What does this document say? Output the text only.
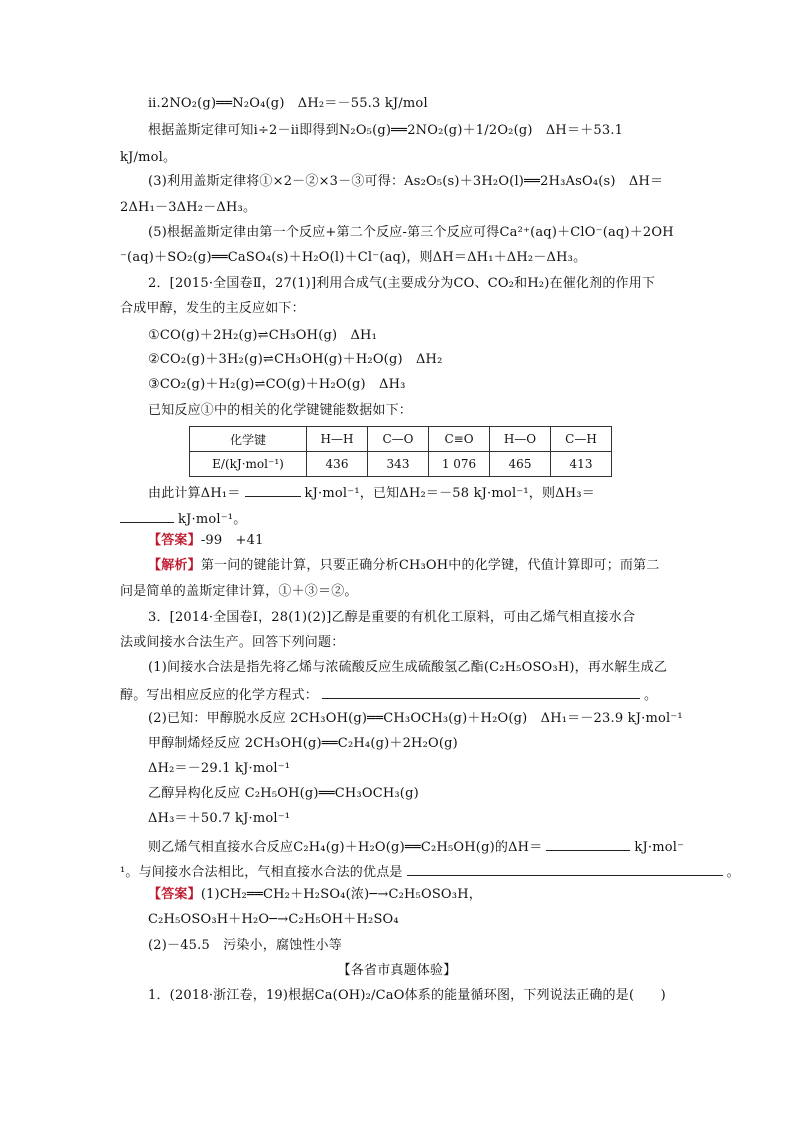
ⅱ.2NO₂(g)══N₂O₄(g)　ΔH₂＝－55.3 kJ/mol
根据盖斯定律可知ⅰ÷2－ⅱ即得到N₂O₅(g)══2NO₂(g)＋1/2O₂(g)　ΔH＝＋53.1
kJ/mol。
(3)利用盖斯定律将①×2－②×3－③可得：As₂O₅(s)＋3H₂O(l)══2H₃AsO₄(s)　ΔH＝
2ΔH₁－3ΔH₂－ΔH₃。
(5)根据盖斯定律由第一个反应+第二个反应-第三个反应可得Ca²⁺(aq)＋ClO⁻(aq)＋2OH
⁻(aq)＋SO₂(g)══CaSO₄(s)＋H₂O(l)＋Cl⁻(aq)，则ΔH＝ΔH₁＋ΔH₂－ΔH₃。
2．[2015·全国卷Ⅱ，27(1)]利用合成气(主要成分为CO、CO₂和H₂)在催化剂的作用下
合成甲醇，发生的主反应如下：
①CO(g)＋2H₂(g)⇌CH₃OH(g)　ΔH₁
②CO₂(g)＋3H₂(g)⇌CH₃OH(g)＋H₂O(g)　ΔH₂
③CO₂(g)＋H₂(g)⇌CO(g)＋H₂O(g)　ΔH₃
已知反应①中的相关的化学键键能数据如下：
化学键	H—H	C—O	C≡O	H—O	C—H
E/(kJ·mol⁻¹)	436	343	1 076	465	413
由此计算ΔH₁＝	kJ·mol⁻¹，已知ΔH₂＝－58 kJ·mol⁻¹，则ΔH₃＝
kJ·mol⁻¹。
【答案】-99　+41
【解析】第一问的键能计算，只要正确分析CH₃OH中的化学键，代值计算即可；而第二
问是简单的盖斯定律计算，①＋③＝②。
3．[2014·全国卷Ⅰ，28(1)(2)]乙醇是重要的有机化工原料，可由乙烯气相直接水合
法或间接水合法生产。回答下列问题：
(1)间接水合法是指先将乙烯与浓硫酸反应生成硫酸氢乙酯(C₂H₅OSO₃H)，再水解生成乙
醇。写出相应反应的化学方程式：	。
(2)已知：甲醇脱水反应 2CH₃OH(g)══CH₃OCH₃(g)＋H₂O(g)　ΔH₁＝－23.9 kJ·mol⁻¹
甲醇制烯烃反应 2CH₃OH(g)══C₂H₄(g)＋2H₂O(g)
ΔH₂＝－29.1 kJ·mol⁻¹
乙醇异构化反应 C₂H₅OH(g)══CH₃OCH₃(g)
ΔH₃＝＋50.7 kJ·mol⁻¹
则乙烯气相直接水合反应C₂H₄(g)＋H₂O(g)══C₂H₅OH(g)的ΔH＝	kJ·mol⁻
¹。与间接水合法相比，气相直接水合法的优点是	。
【答案】(1)CH₂══CH₂＋H₂SO₄(浓)─→C₂H₅OSO₃H，
C₂H₅OSO₃H＋H₂O─→C₂H₅OH＋H₂SO₄
(2)－45.5　污染小，腐蚀性小等
【各省市真题体验】
1．(2018·浙江卷，19)根据Ca(OH)₂/CaO体系的能量循环图，下列说法正确的是(　　)
